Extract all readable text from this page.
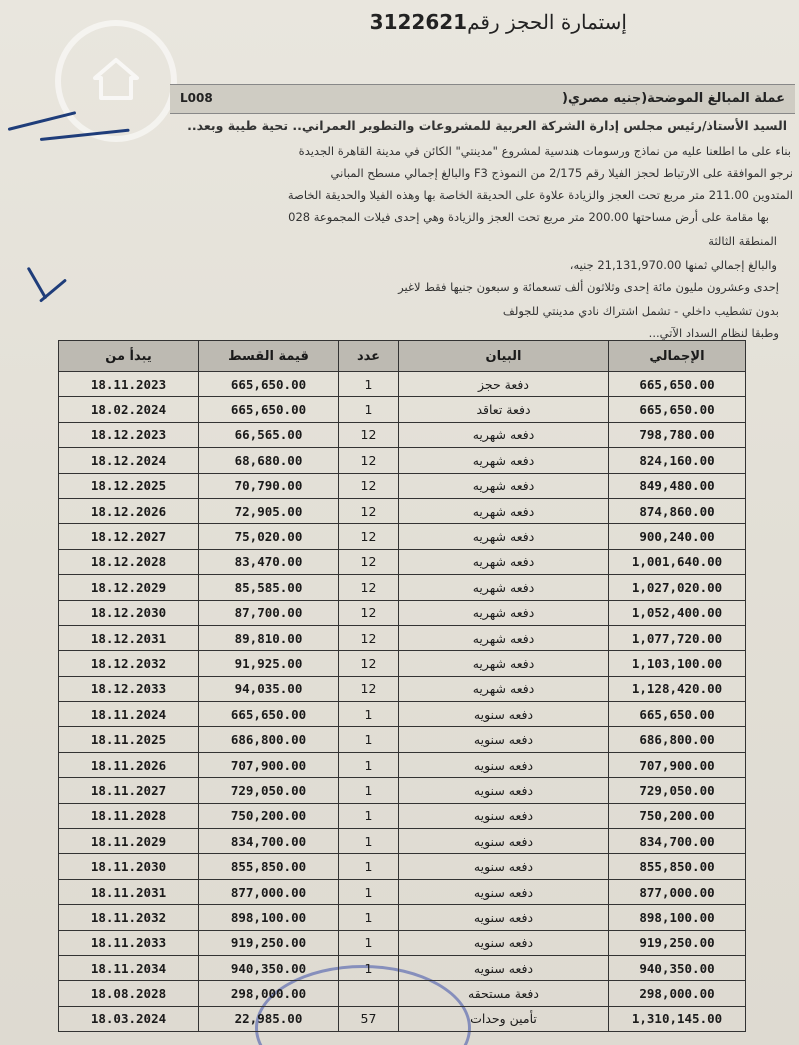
إستمارة الحجز رقم3122621
L008	عملة المبالغ الموضحة(جنيه مصري(
السيد الأستاذ/رئيس مجلس إدارة الشركة العربية للمشروعات والتطوير العمراني.. تحية طيبة وبعد..
بناء على ما اطلعنا عليه من نماذج ورسومات هندسية لمشروع "مدينتي" الكائن في مدينة القاهرة الجديدة
نرجو الموافقة على الارتباط لحجز الفيلا رقم 2/175 من النموذج F3 والبالغ إجمالي مسطح المباني
المتدوين 211.00 متر مربع تحت العجز والزيادة علاوة على الحديقة الخاصة بها وهذه الفيلا والحديقة الخاصة
بها مقامة على أرض مساحتها 200.00 متر مربع تحت العجز والزيادة وهي إحدى فيلات المجموعة 028
المنطقة الثالثة
والبالغ إجمالي ثمنها 21,131,970.00 جنيه،
إحدى وعشرون مليون مائة إحدى وثلاثون ألف تسعمائة و سبعون جنيها فقط لاغير
بدون تشطيب داخلي - تشمل اشتراك نادي مدينتي للجولف
وطبقا لنظام السداد الآتي...
يبدأ من	قيمة القسط	عدد	البيان	الإجمالي
18.11.2023	665,650.00	1	دفعة حجز	665,650.00
18.02.2024	665,650.00	1	دفعة تعاقد	665,650.00
18.12.2023	66,565.00	12	دفعه شهريه	798,780.00
18.12.2024	68,680.00	12	دفعه شهريه	824,160.00
18.12.2025	70,790.00	12	دفعه شهريه	849,480.00
18.12.2026	72,905.00	12	دفعه شهريه	874,860.00
18.12.2027	75,020.00	12	دفعه شهريه	900,240.00
18.12.2028	83,470.00	12	دفعه شهريه	1,001,640.00
18.12.2029	85,585.00	12	دفعه شهريه	1,027,020.00
18.12.2030	87,700.00	12	دفعه شهريه	1,052,400.00
18.12.2031	89,810.00	12	دفعه شهريه	1,077,720.00
18.12.2032	91,925.00	12	دفعه شهريه	1,103,100.00
18.12.2033	94,035.00	12	دفعه شهريه	1,128,420.00
18.11.2024	665,650.00	1	دفعه سنويه	665,650.00
18.11.2025	686,800.00	1	دفعه سنويه	686,800.00
18.11.2026	707,900.00	1	دفعه سنويه	707,900.00
18.11.2027	729,050.00	1	دفعه سنويه	729,050.00
18.11.2028	750,200.00	1	دفعه سنويه	750,200.00
18.11.2029	834,700.00	1	دفعه سنويه	834,700.00
18.11.2030	855,850.00	1	دفعه سنويه	855,850.00
18.11.2031	877,000.00	1	دفعه سنويه	877,000.00
18.11.2032	898,100.00	1	دفعه سنويه	898,100.00
18.11.2033	919,250.00	1	دفعه سنويه	919,250.00
18.11.2034	940,350.00	1	دفعه سنويه	940,350.00
18.08.2028	298,000.00		دفعة مستحقه	298,000.00
18.03.2024	22,985.00	57	تأمين وحدات	1,310,145.00
